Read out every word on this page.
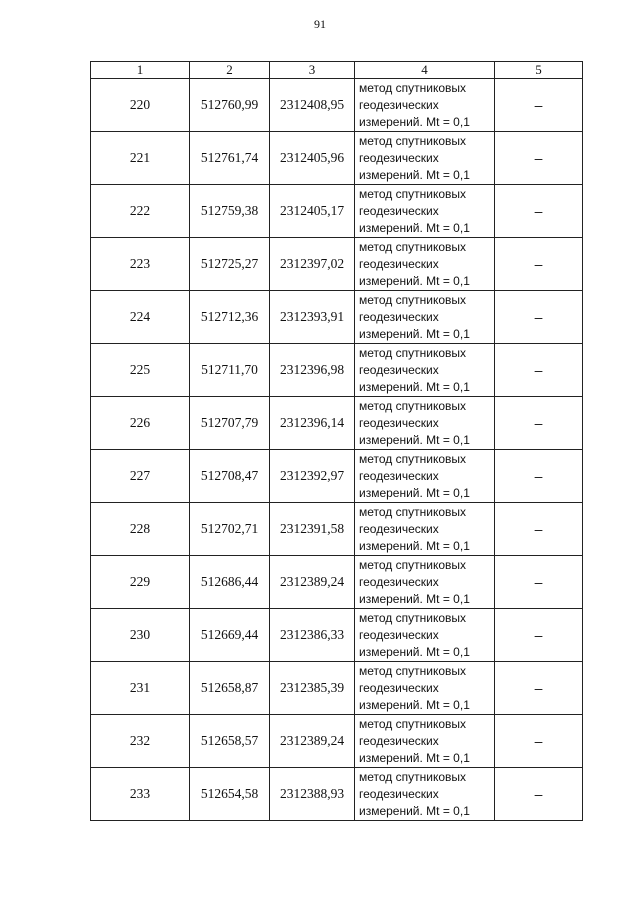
91
1	2	3	4	5
220	512760,99	2312408,95	метод спутниковых
геодезических
измерений. Mt = 0,1	–
221	512761,74	2312405,96	метод спутниковых
геодезических
измерений. Mt = 0,1	–
222	512759,38	2312405,17	метод спутниковых
геодезических
измерений. Mt = 0,1	–
223	512725,27	2312397,02	метод спутниковых
геодезических
измерений. Mt = 0,1	–
224	512712,36	2312393,91	метод спутниковых
геодезических
измерений. Mt = 0,1	–
225	512711,70	2312396,98	метод спутниковых
геодезических
измерений. Mt = 0,1	–
226	512707,79	2312396,14	метод спутниковых
геодезических
измерений. Mt = 0,1	–
227	512708,47	2312392,97	метод спутниковых
геодезических
измерений. Mt = 0,1	–
228	512702,71	2312391,58	метод спутниковых
геодезических
измерений. Mt = 0,1	–
229	512686,44	2312389,24	метод спутниковых
геодезических
измерений. Mt = 0,1	–
230	512669,44	2312386,33	метод спутниковых
геодезических
измерений. Mt = 0,1	–
231	512658,87	2312385,39	метод спутниковых
геодезических
измерений. Mt = 0,1	–
232	512658,57	2312389,24	метод спутниковых
геодезических
измерений. Mt = 0,1	–
233	512654,58	2312388,93	метод спутниковых
геодезических
измерений. Mt = 0,1	–
